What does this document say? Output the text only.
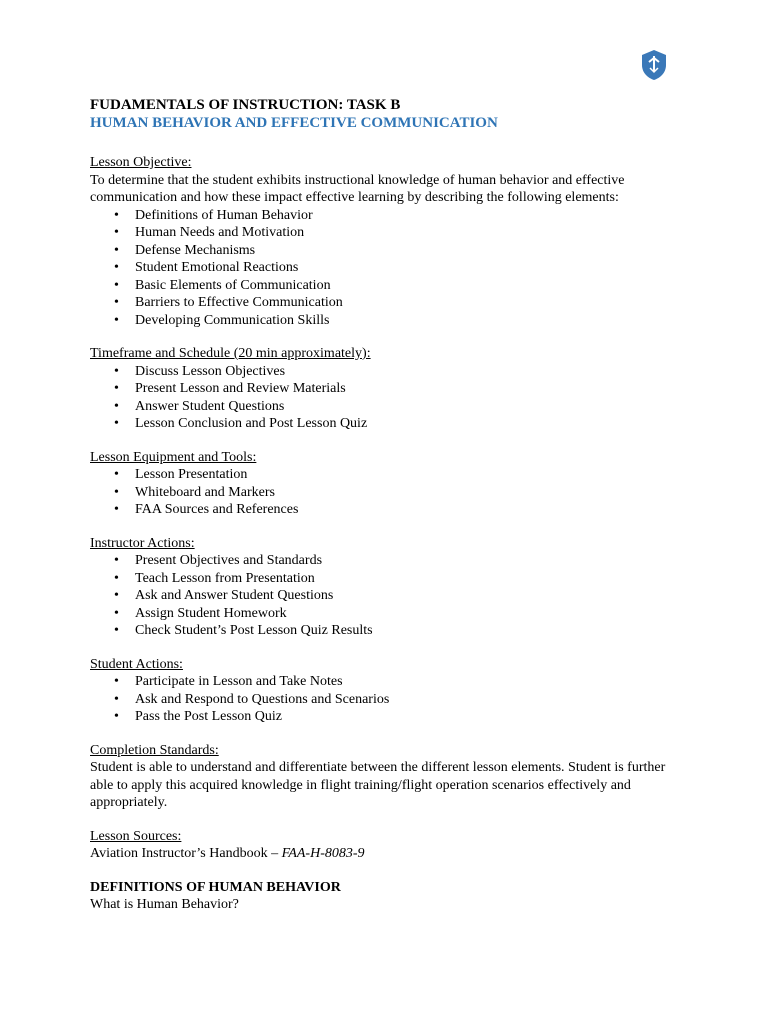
FUDAMENTALS OF INSTRUCTION: TASK B

HUMAN BEHAVIOR AND EFFECTIVE COMMUNICATION

Lesson Objective:

To determine that the student exhibits instructional knowledge of human behavior and effective communication and how these impact effective learning by describing the following elements:

• Definitions of Human Behavior
• Human Needs and Motivation
• Defense Mechanisms
• Student Emotional Reactions
• Basic Elements of Communication
• Barriers to Effective Communication
• Developing Communication Skills

Timeframe and Schedule (20 min approximately):

• Discuss Lesson Objectives
• Present Lesson and Review Materials
• Answer Student Questions
• Lesson Conclusion and Post Lesson Quiz

Lesson Equipment and Tools:

• Lesson Presentation
• Whiteboard and Markers
• FAA Sources and References

Instructor Actions:

• Present Objectives and Standards
• Teach Lesson from Presentation
• Ask and Answer Student Questions
• Assign Student Homework
• Check Student’s Post Lesson Quiz Results

Student Actions:

• Participate in Lesson and Take Notes
• Ask and Respond to Questions and Scenarios
• Pass the Post Lesson Quiz

Completion Standards:

Student is able to understand and differentiate between the different lesson elements. Student is further able to apply this acquired knowledge in flight training/flight operation scenarios effectively and appropriately.

Lesson Sources:

Aviation Instructor’s Handbook – FAA-H-8083-9

DEFINITIONS OF HUMAN BEHAVIOR

What is Human Behavior?
